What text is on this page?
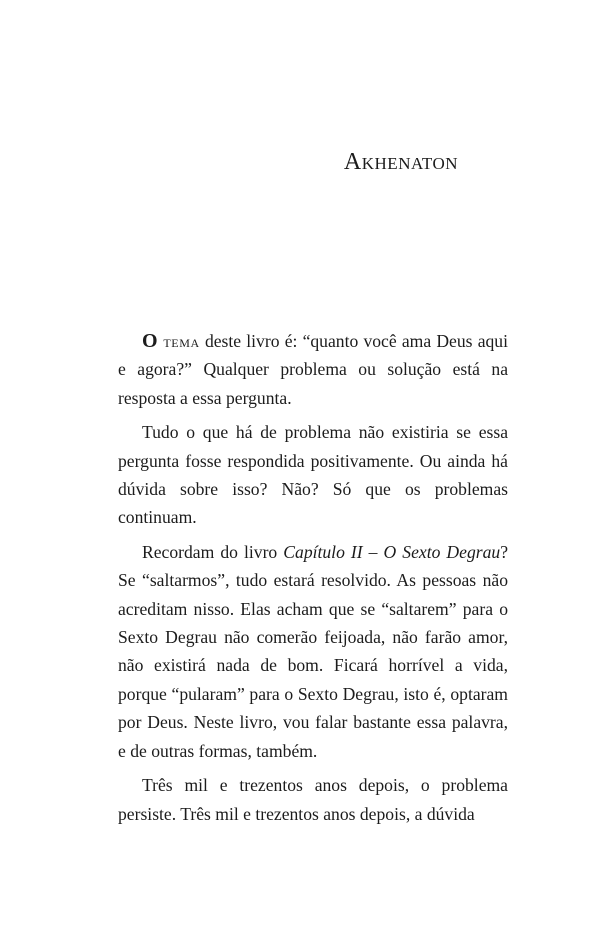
Akhenaton

O tema deste livro é: “quanto você ama Deus aqui e agora?” Qualquer problema ou solução está na resposta a essa pergunta.

Tudo o que há de problema não existiria se essa pergunta fosse respondida positivamente. Ou ainda há dúvida sobre isso? Não? Só que os problemas continuam.

Recordam do livro Capítulo II – O Sexto Degrau? Se “saltarmos”, tudo estará resolvido. As pessoas não acreditam nisso. Elas acham que se “saltarem” para o Sexto Degrau não comerão feijoada, não farão amor, não existirá nada de bom. Ficará horrível a vida, porque “pularam” para o Sexto Degrau, isto é, optaram por Deus. Neste livro, vou falar bastante essa palavra, e de outras formas, também.

Três mil e trezentos anos depois, o problema persiste. Três mil e trezentos anos depois, a dúvida
